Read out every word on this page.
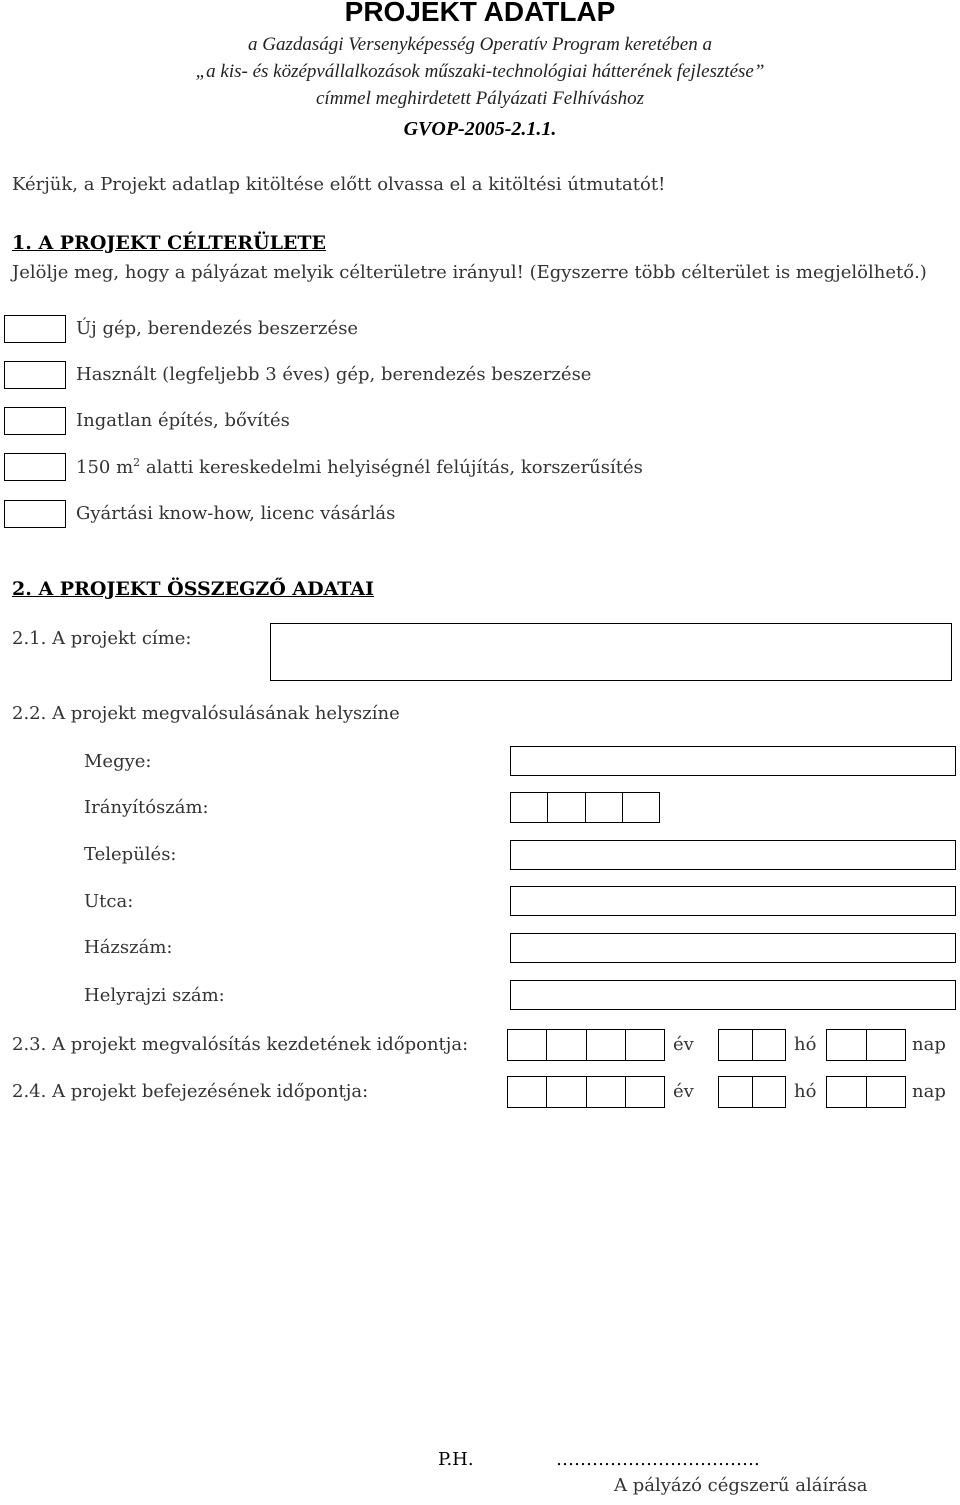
PROJEKT ADATLAP
a Gazdasági Versenyképesség Operatív Program keretében a
„a kis- és középvállalkozások műszaki-technológiai hátterének fejlesztése”
címmel meghirdetett Pályázati Felhíváshoz
GVOP-2005-2.1.1.
Kérjük, a Projekt adatlap kitöltése előtt olvassa el a kitöltési útmutatót!
1. A PROJEKT CÉLTERÜLETE
Jelölje meg, hogy a pályázat melyik célterületre irányul! (Egyszerre több célterület is megjelölhető.)
Új gép, berendezés beszerzése
Használt (legfeljebb 3 éves) gép, berendezés beszerzése
Ingatlan építés, bővítés
150 $m^2$ alatti kereskedelmi helyiségnél felújítás, korszerűsítés
Gyártási know-how, licenc vásárlás
2. A PROJEKT ÖSSZEGZŐ ADATAI
2.1. A projekt címe:
2.2. A projekt megvalósulásának helyszíne
Megye:
Irányítószám:
Település:
Utca:
Házszám:
Helyrajzi szám:
2.3. A projekt megvalósítás kezdetének időpontja:	év	hó	nap
2.4. A projekt befejezésének időpontja:	év	hó	nap
P.H.	…………………………….
A pályázó cégszerű aláírása
